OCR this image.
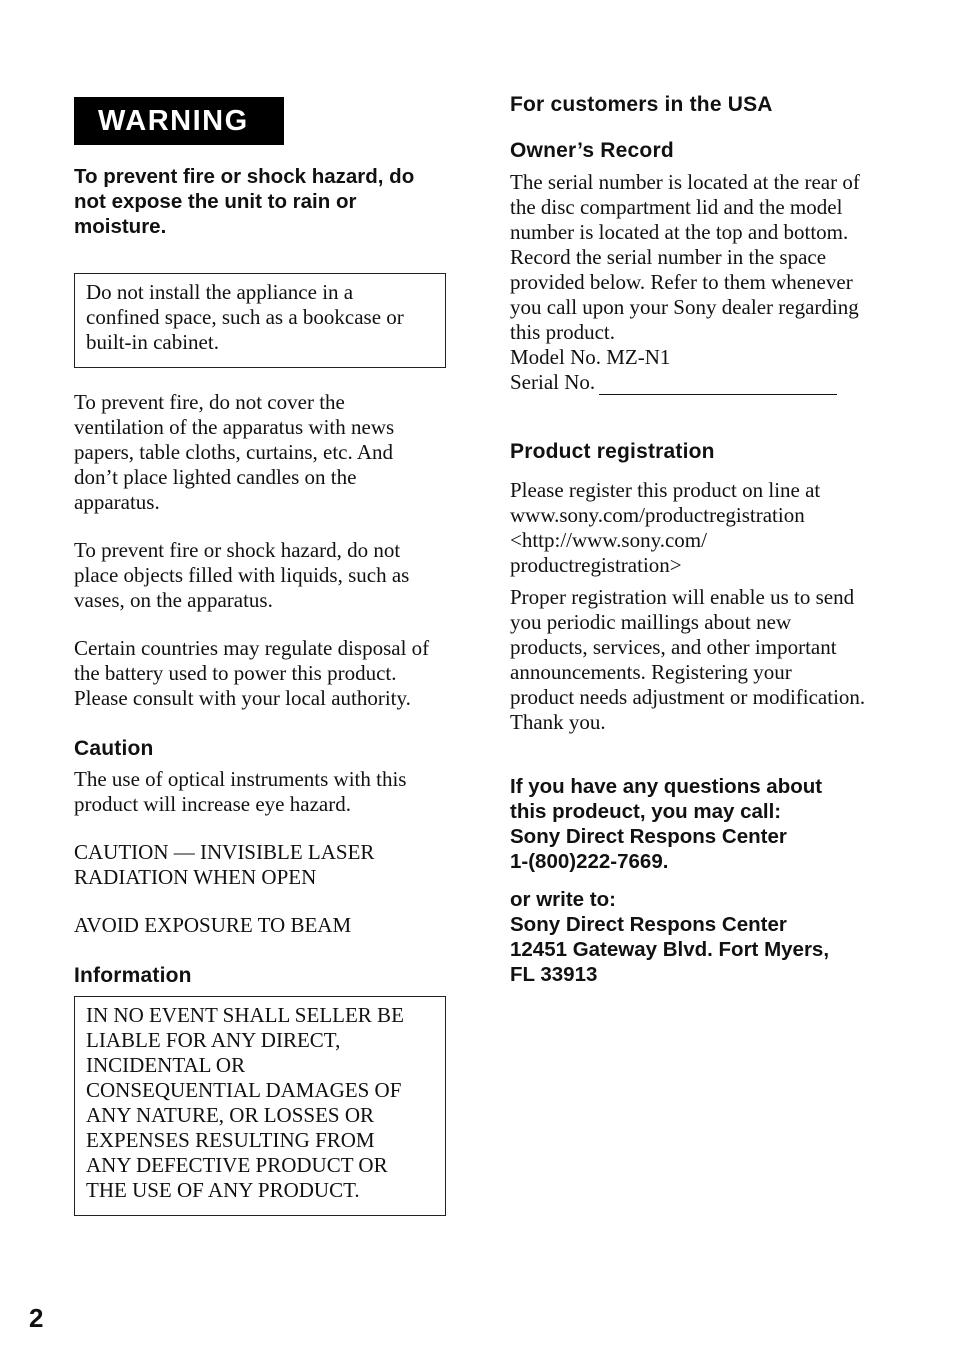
WARNING

To prevent fire or shock hazard, do not expose the unit to rain or moisture.

Do not install the appliance in a
confined space, such as a bookcase or
built-in cabinet.

To prevent fire, do not cover the
ventilation of the apparatus with news
papers, table cloths, curtains, etc. And
don’t place lighted candles on the
apparatus.

To prevent fire or shock hazard, do not
place objects filled with liquids, such as
vases, on the apparatus.

Certain countries may regulate disposal of
the battery used to power this product.
Please consult with your local authority.

Caution

The use of optical instruments with this
product will increase eye hazard.

CAUTION — INVISIBLE LASER
RADIATION WHEN OPEN

AVOID EXPOSURE TO BEAM

Information

IN NO EVENT SHALL SELLER BE
LIABLE FOR ANY DIRECT,
INCIDENTAL OR
CONSEQUENTIAL DAMAGES OF
ANY NATURE, OR LOSSES OR
EXPENSES RESULTING FROM
ANY DEFECTIVE PRODUCT OR
THE USE OF ANY PRODUCT.

For customers in the USA
Owner’s Record

The serial number is located at the rear of
the disc compartment lid and the model
number is located at the top and bottom.
Record the serial number in the space
provided below. Refer to them whenever
you call upon your Sony dealer regarding
this product.

Model No. MZ-N1

Serial No.

Product registration

Please register this product on line at
www.sony.com/productregistration
<http://www.sony.com/
productregistration>

Proper registration will enable us to send
you periodic maillings about new
products, services, and other important
announcements. Registering your
product needs adjustment or modification.
Thank you.

If you have any questions about
this prodeuct, you may call:
Sony Direct Respons Center
1-(800)222-7669.

or write to:
Sony Direct Respons Center
12451 Gateway Blvd. Fort Myers,
FL 33913

2
